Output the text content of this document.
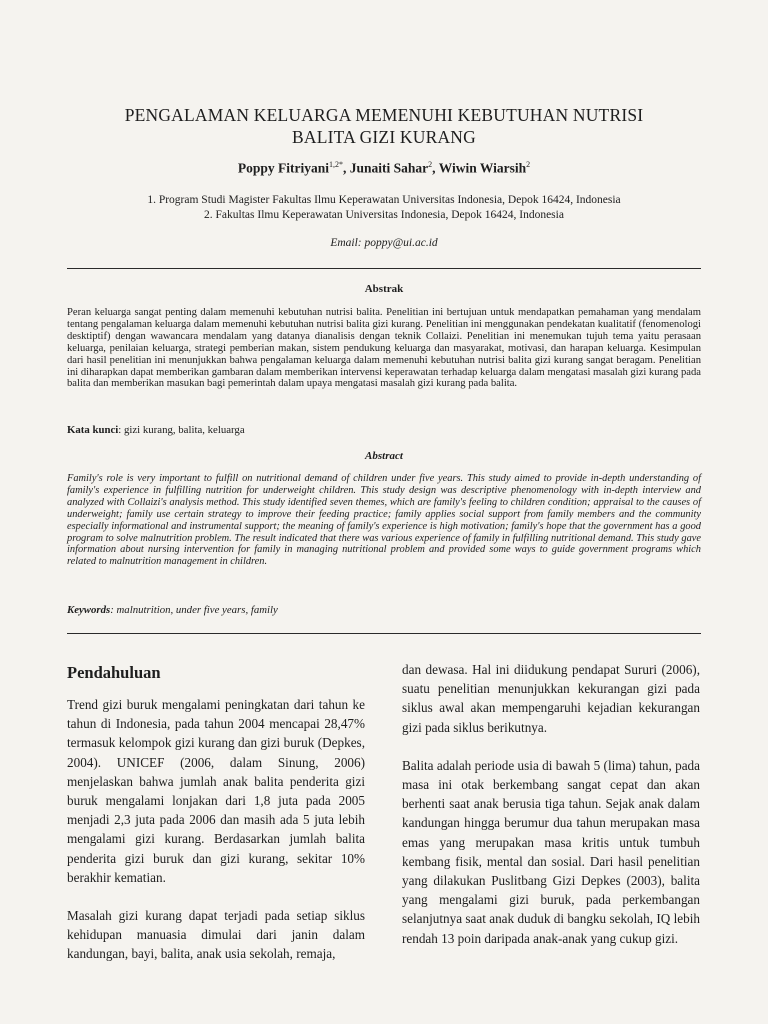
PENGALAMAN KELUARGA MEMENUHI KEBUTUHAN NUTRISI
BALITA GIZI KURANG
Poppy Fitriyani$^{1,2*}$, Junaiti Sahar$^2$, Wiwin Wiarsih$^2$
1. Program Studi Magister Fakultas Ilmu Keperawatan Universitas Indonesia, Depok 16424, Indonesia
2. Fakultas Ilmu Keperawatan Universitas Indonesia, Depok 16424, Indonesia
Email: poppy@ui.ac.id
Abstrak
Peran keluarga sangat penting dalam memenuhi kebutuhan nutrisi balita. Penelitian ini bertujuan untuk mendapatkan pemahaman yang mendalam tentang pengalaman keluarga dalam memenuhi kebutuhan nutrisi balita gizi kurang. Penelitian ini menggunakan pendekatan kualitatif (fenomenologi desktiptif) dengan wawancara mendalam yang datanya dianalisis dengan teknik Collaizi. Penelitian ini menemukan tujuh tema yaitu perasaan keluarga, penilaian keluarga, strategi pemberian makan, sistem pendukung keluarga dan masyarakat, motivasi, dan harapan keluarga. Kesimpulan dari hasil penelitian ini menunjukkan bahwa pengalaman keluarga dalam memenuhi kebutuhan nutrisi balita gizi kurang sangat beragam. Penelitian ini diharapkan dapat memberikan gambaran dalam memberikan intervensi keperawatan terhadap keluarga dalam mengatasi masalah gizi kurang pada balita dan memberikan masukan bagi pemerintah dalam upaya mengatasi masalah gizi kurang pada balita.
Kata kunci: gizi kurang, balita, keluarga
Abstract
Family's role is very important to fulfill on nutritional demand of children under five years. This study aimed to provide in-depth understanding of family's experience in fulfilling nutrition for underweight children. This study design was descriptive phenomenology with in-depth interview and analyzed with Collaizi's analysis method. This study identified seven themes, which are family's feeling to children condition; appraisal to the causes of underweight; family use certain strategy to improve their feeding practice; family applies social support from family members and the community especially informational and instrumental support; the meaning of family's experience is high motivation; family's hope that the government has a good program to solve malnutrition problem. The result indicated that there was various experience of family in fulfilling nutritional demand. This study gave information about nursing intervention for family in managing nutritional problem and provided some ways to guide government programs which related to malnutrition management in children.
Keywords: malnutrition, under five years, family
Pendahuluan

Trend gizi buruk mengalami peningkatan dari tahun ke tahun di Indonesia, pada tahun 2004 mencapai 28,47% termasuk kelompok gizi kurang dan gizi buruk (Depkes, 2004). UNICEF (2006, dalam Sinung, 2006) menjelaskan bahwa jumlah anak balita penderita gizi buruk mengalami lonjakan dari 1,8 juta pada 2005 menjadi 2,3 juta pada 2006 dan masih ada 5 juta lebih mengalami gizi kurang. Berdasarkan jumlah balita penderita gizi buruk dan gizi kurang, sekitar 10% berakhir kematian.

Masalah gizi kurang dapat terjadi pada setiap siklus kehidupan manuasia dimulai dari janin dalam kandungan, bayi, balita, anak usia sekolah, remaja,

dan dewasa. Hal ini diidukung pendapat Sururi (2006), suatu penelitian menunjukkan kekurangan gizi pada siklus awal akan mempengaruhi kejadian kekurangan gizi pada siklus berikutnya.

Balita adalah periode usia di bawah 5 (lima) tahun, pada masa ini otak berkembang sangat cepat dan akan berhenti saat anak berusia tiga tahun. Sejak anak dalam kandungan hingga berumur dua tahun merupakan masa emas yang merupakan masa kritis untuk tumbuh kembang fisik, mental dan sosial. Dari hasil penelitian yang dilakukan Puslitbang Gizi Depkes (2003), balita yang mengalami gizi buruk, pada perkembangan selanjutnya saat anak duduk di bangku sekolah, IQ lebih rendah 13 poin daripada anak-anak yang cukup gizi.
